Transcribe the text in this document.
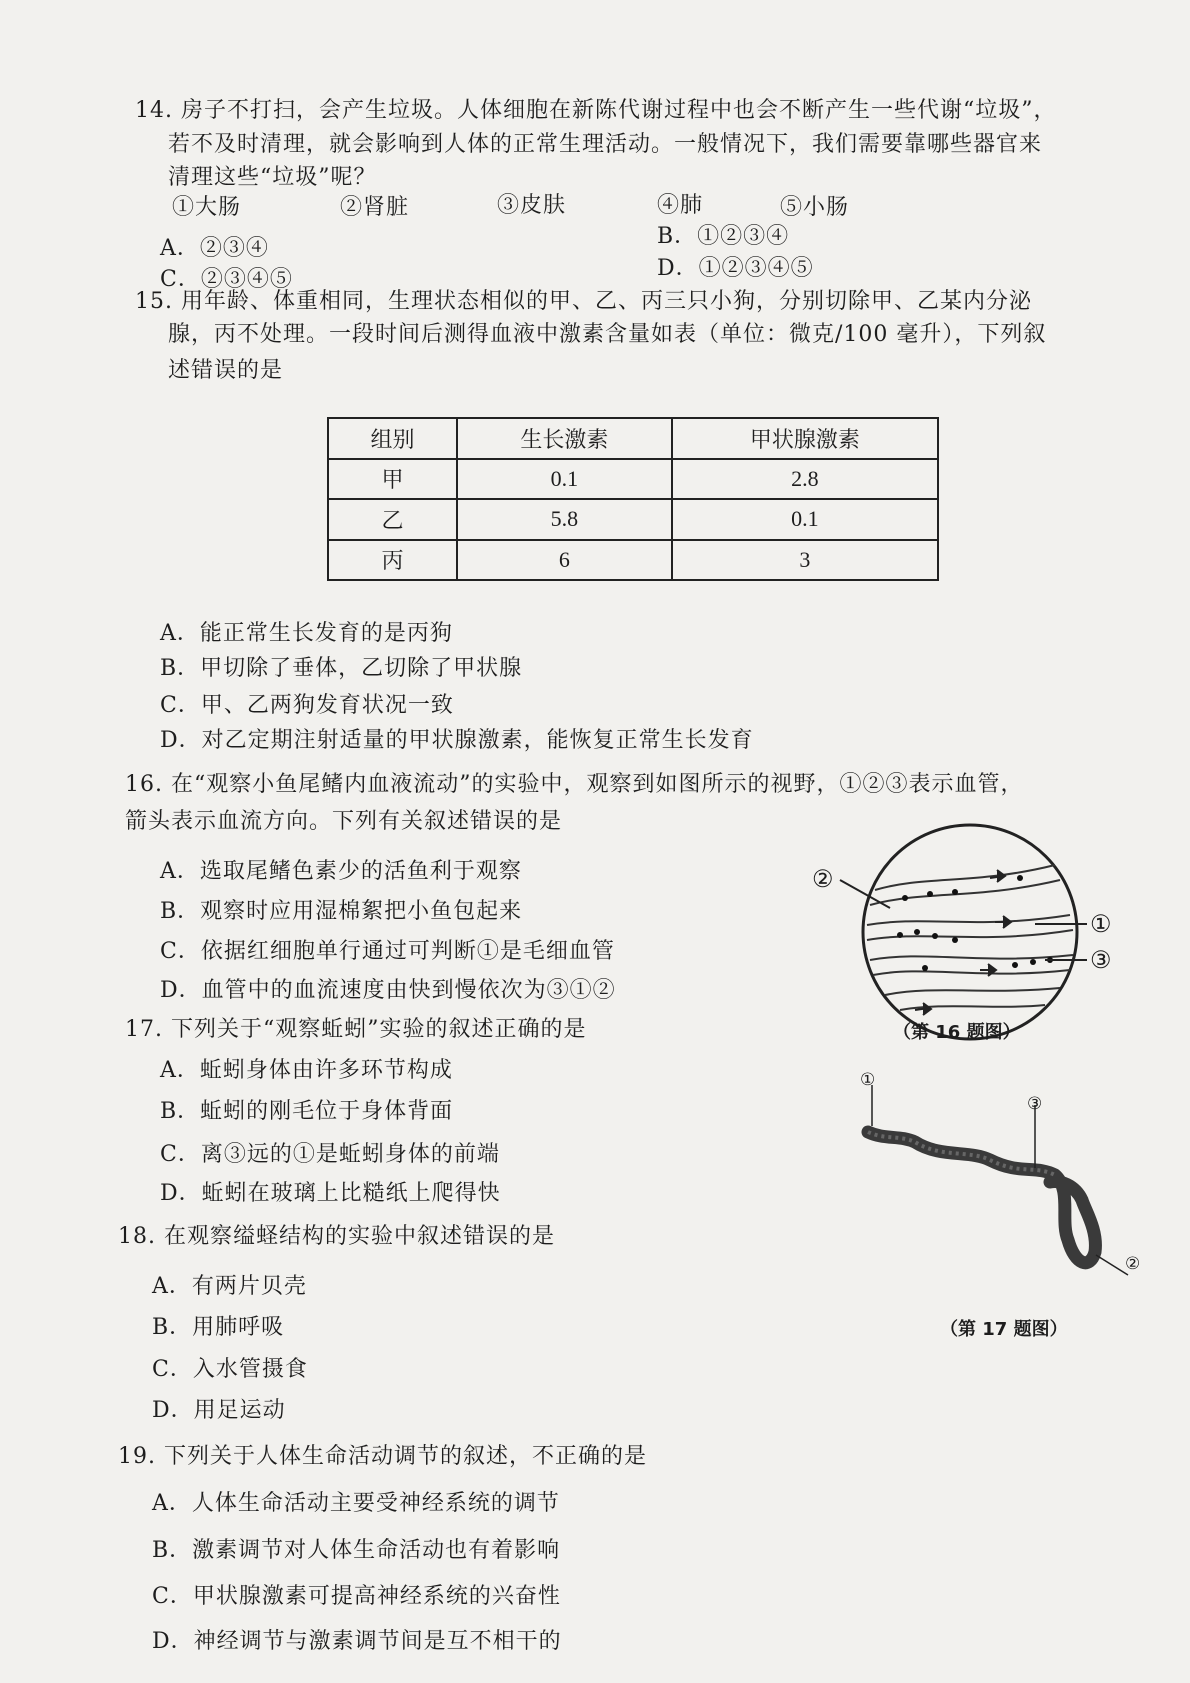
14. 房子不打扫，会产生垃圾。人体细胞在新陈代谢过程中也会不断产生一些代谢“垃圾”，
若不及时清理，就会影响到人体的正常生理活动。一般情况下，我们需要靠哪些器官来
清理这些“垃圾”呢？
①大肠	②肾脏	③皮肤	④肺	⑤小肠
A．②③④	B．①②③④
C．②③④⑤	D．①②③④⑤
15. 用年龄、体重相同，生理状态相似的甲、乙、丙三只小狗，分别切除甲、乙某内分泌
腺，丙不处理。一段时间后测得血液中激素含量如表（单位：微克/100 毫升），下列叙
述错误的是
组别	生长激素	甲状腺激素
甲	0.1	2.8
乙	5.8	0.1
丙	6	3
A．能正常生长发育的是丙狗
B．甲切除了垂体，乙切除了甲状腺
C．甲、乙两狗发育状况一致
D．对乙定期注射适量的甲状腺激素，能恢复正常生长发育
16. 在“观察小鱼尾鳍内血液流动”的实验中，观察到如图所示的视野，①②③表示血管，
箭头表示血流方向。下列有关叙述错误的是
A．选取尾鳍色素少的活鱼利于观察
B．观察时应用湿棉絮把小鱼包起来
C．依据红细胞单行通过可判断①是毛细血管
D．血管中的血流速度由快到慢依次为③①②
②
①
③
（第 16 题图）
17. 下列关于“观察蚯蚓”实验的叙述正确的是
A．蚯蚓身体由许多环节构成
B．蚯蚓的刚毛位于身体背面
C．离③远的①是蚯蚓身体的前端
D．蚯蚓在玻璃上比糙纸上爬得快
①
③
②
（第 17 题图）
18. 在观察缢蛏结构的实验中叙述错误的是
A．有两片贝壳
B．用肺呼吸
C．入水管摄食
D．用足运动
19. 下列关于人体生命活动调节的叙述，不正确的是
A．人体生命活动主要受神经系统的调节
B．激素调节对人体生命活动也有着影响
C．甲状腺激素可提高神经系统的兴奋性
D．神经调节与激素调节间是互不相干的
